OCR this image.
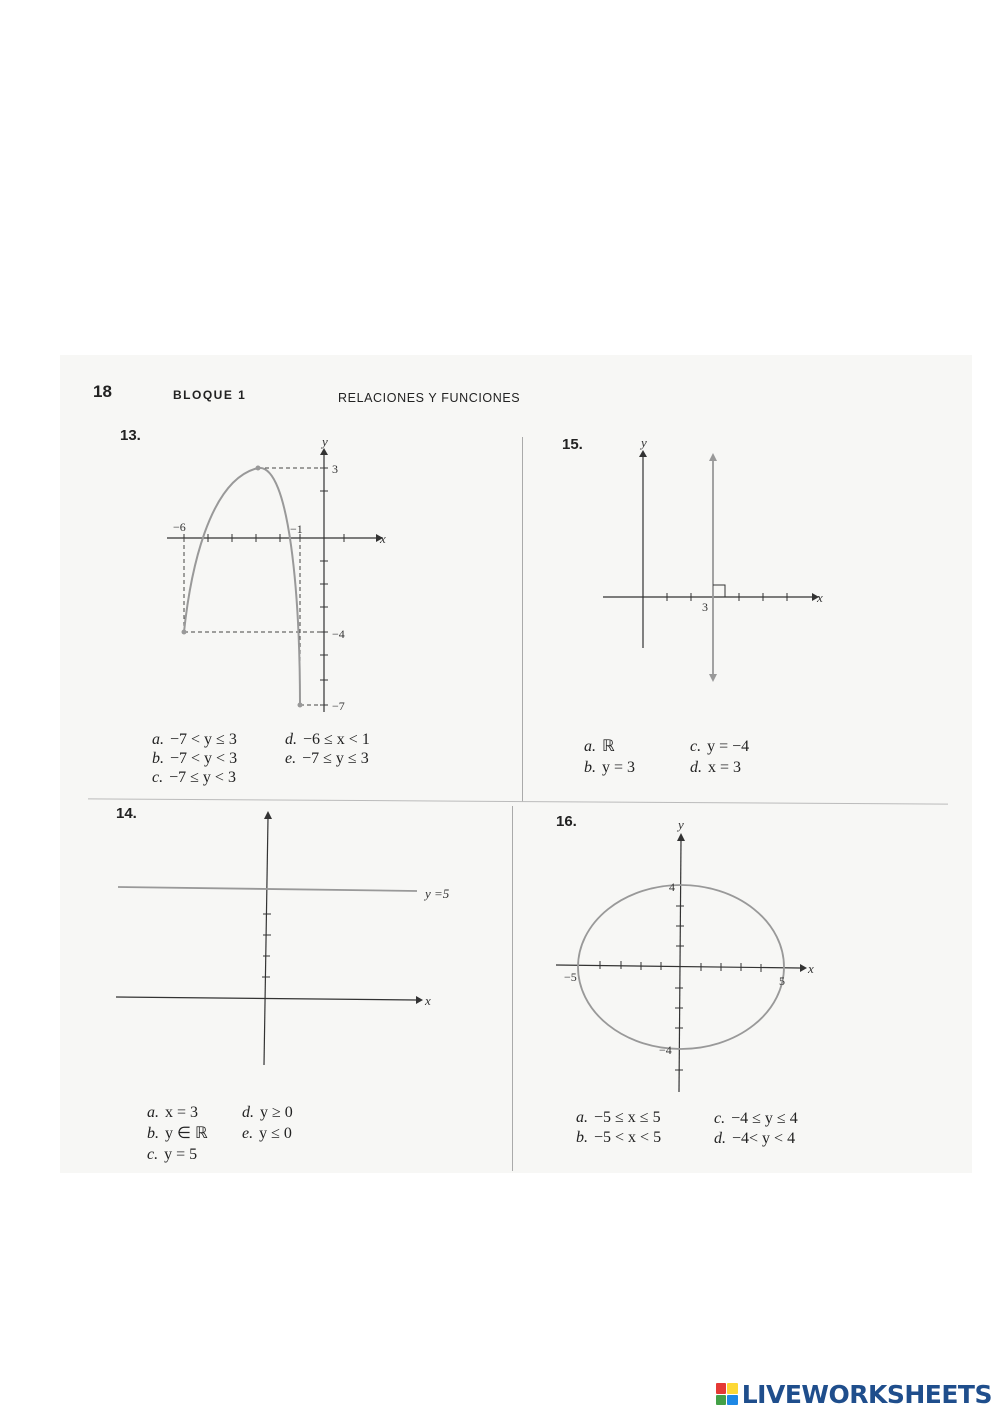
18	BLOQUE 1	RELACIONES Y FUNCIONES
13.	y
x
−6	−1
3
−4
−7
a. −7 < y ≤ 3
b. −7 < y < 3
c. −7 ≤ y < 3
d. −6 ≤ x < 1
e. −7 ≤ y ≤ 3
15.	y
x
3
a. ℝ
b. y = 3
c. y = −4
d. x = 3
14.
x
y =5
a. x = 3
b. y ∈ ℝ
c. y = 5
d. y ≥ 0
e. y ≤ 0
16.	y
x
−5	5
4
−4
a. −5 ≤ x ≤ 5
b. −5 < x < 5
c. −4 ≤ y ≤ 4
d. −4< y < 4
LIVEWORKSHEETS
